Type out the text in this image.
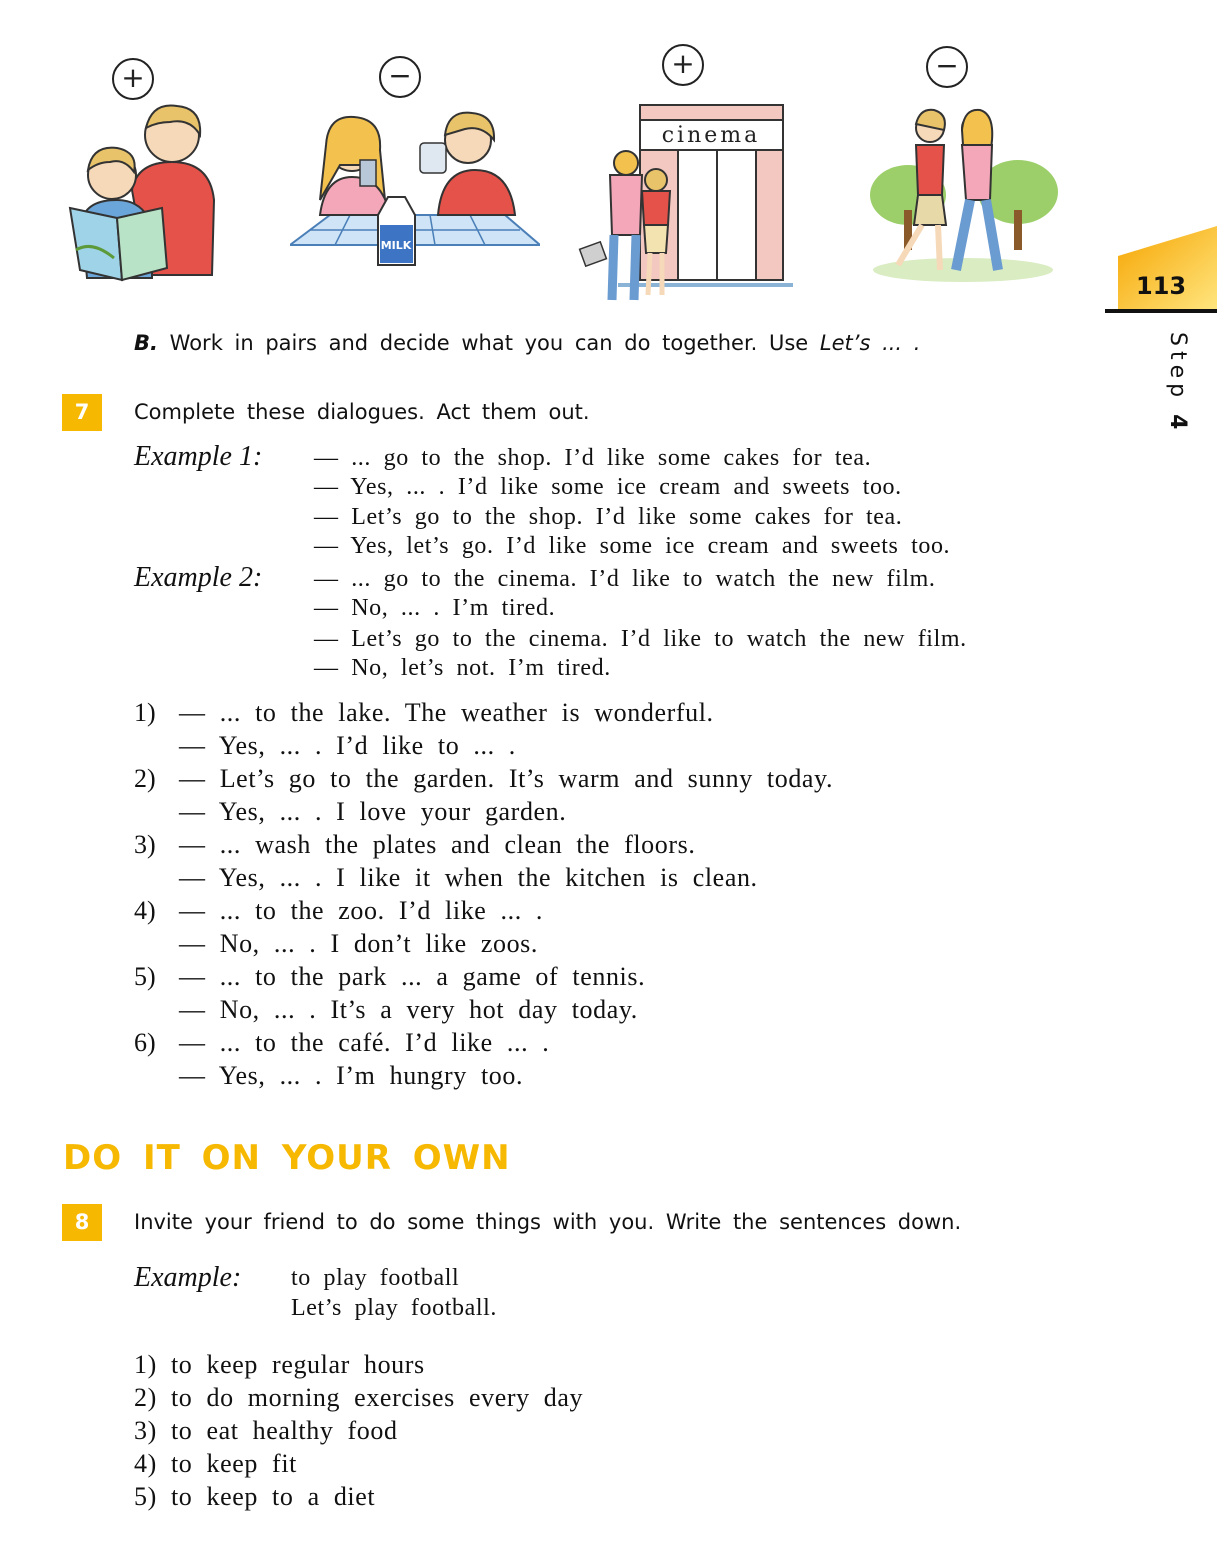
+	−	+	−
MILK
cinema
113
Step 4
B. Work in pairs and decide what you can do together. Use Let’s ... .
7	Complete these dialogues. Act them out.
Example 1: — ... go to the shop. I’d like some cakes for tea.
— Yes, ... . I’d like some ice cream and sweets too.
— Let’s go to the shop. I’d like some cakes for tea.
— Yes, let’s go. I’d like some ice cream and sweets too.
Example 2: — ... go to the cinema. I’d like to watch the new film.
— No, ... . I’m tired.
— Let’s go to the cinema. I’d like to watch the new film.
— No, let’s not. I’m tired.
1) — ... to the lake. The weather is wonderful.
— Yes, ... . I’d like to ... .
2) — Let’s go to the garden. It’s warm and sunny today.
— Yes, ... . I love your garden.
3) — ... wash the plates and clean the floors.
— Yes, ... . I like it when the kitchen is clean.
4) — ... to the zoo. I’d like ... .
— No, ... . I don’t like zoos.
5) — ... to the park ... a game of tennis.
— No, ... . It’s a very hot day today.
6) — ... to the café. I’d like ... .
— Yes, ... . I’m hungry too.
DO IT ON YOUR OWN
8	Invite your friend to do some things with you. Write the sentences down.
Example: to play football
Let’s play football.
1) to keep regular hours
2) to do morning exercises every day
3) to eat healthy food
4) to keep fit
5) to keep to a diet
